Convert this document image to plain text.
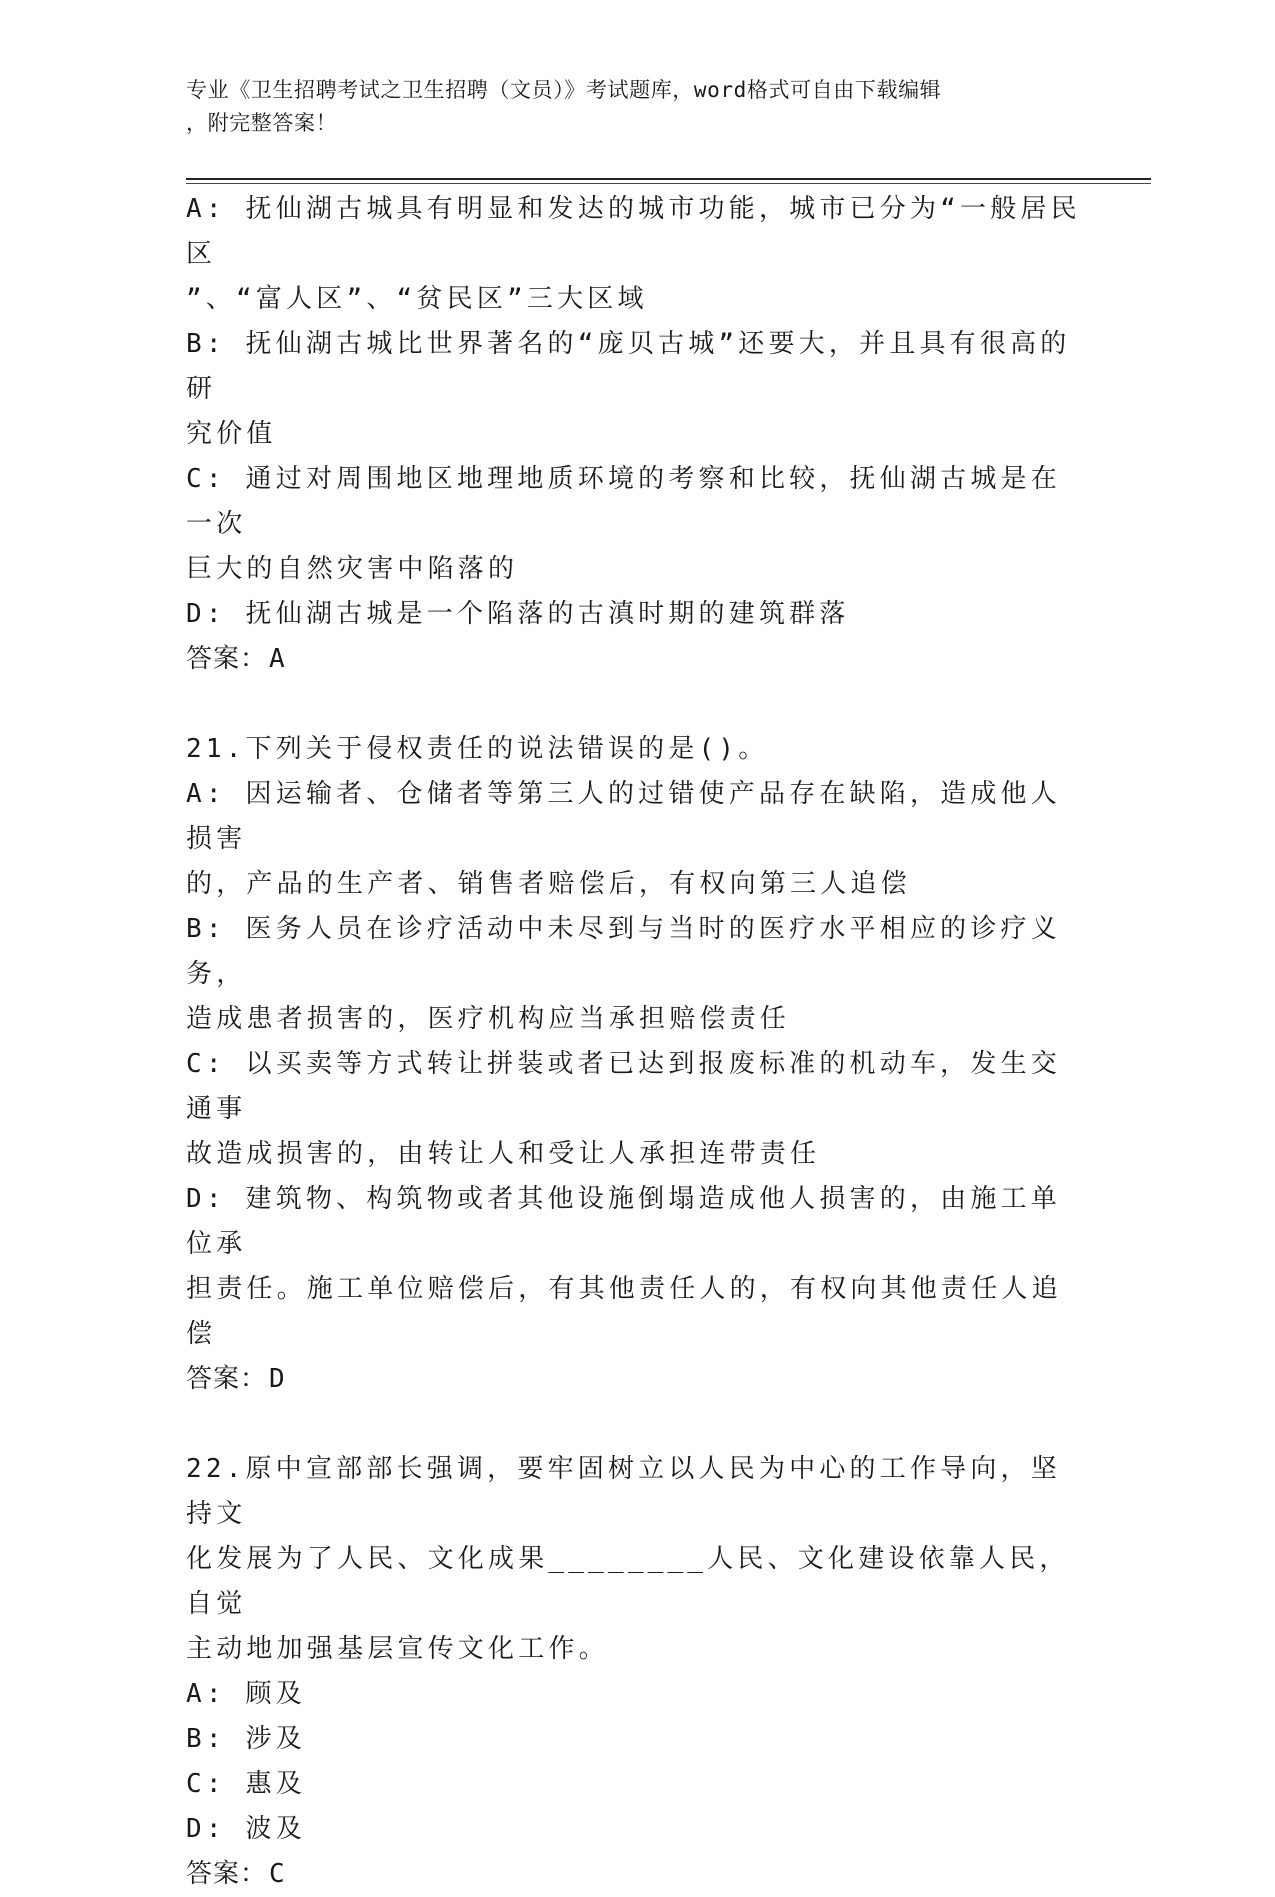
专业《卫生招聘考试之卫生招聘（文员）》考试题库，word格式可自由下载编辑
，附完整答案！

A: 抚仙湖古城具有明显和发达的城市功能，城市已分为“一般居民区

”、“富人区”、“贫民区”三大区域

B: 抚仙湖古城比世界著名的“庞贝古城”还要大，并且具有很高的研

究价值

C: 通过对周围地区地理地质环境的考察和比较，抚仙湖古城是在一次

巨大的自然灾害中陷落的

D: 抚仙湖古城是一个陷落的古滇时期的建筑群落

答案：A

21.下列关于侵权责任的说法错误的是()。

A: 因运输者、仓储者等第三人的过错使产品存在缺陷，造成他人损害

的，产品的生产者、销售者赔偿后，有权向第三人追偿

B: 医务人员在诊疗活动中未尽到与当时的医疗水平相应的诊疗义务，

造成患者损害的，医疗机构应当承担赔偿责任

C: 以买卖等方式转让拼装或者已达到报废标准的机动车，发生交通事

故造成损害的，由转让人和受让人承担连带责任

D: 建筑物、构筑物或者其他设施倒塌造成他人损害的，由施工单位承

担责任。施工单位赔偿后，有其他责任人的，有权向其他责任人追偿

答案：D

22.原中宣部部长强调，要牢固树立以人民为中心的工作导向，坚持文

化发展为了人民、文化成果________人民、文化建设依靠人民，自觉

主动地加强基层宣传文化工作。

A: 顾及

B: 涉及

C: 惠及

D: 波及

答案：C
